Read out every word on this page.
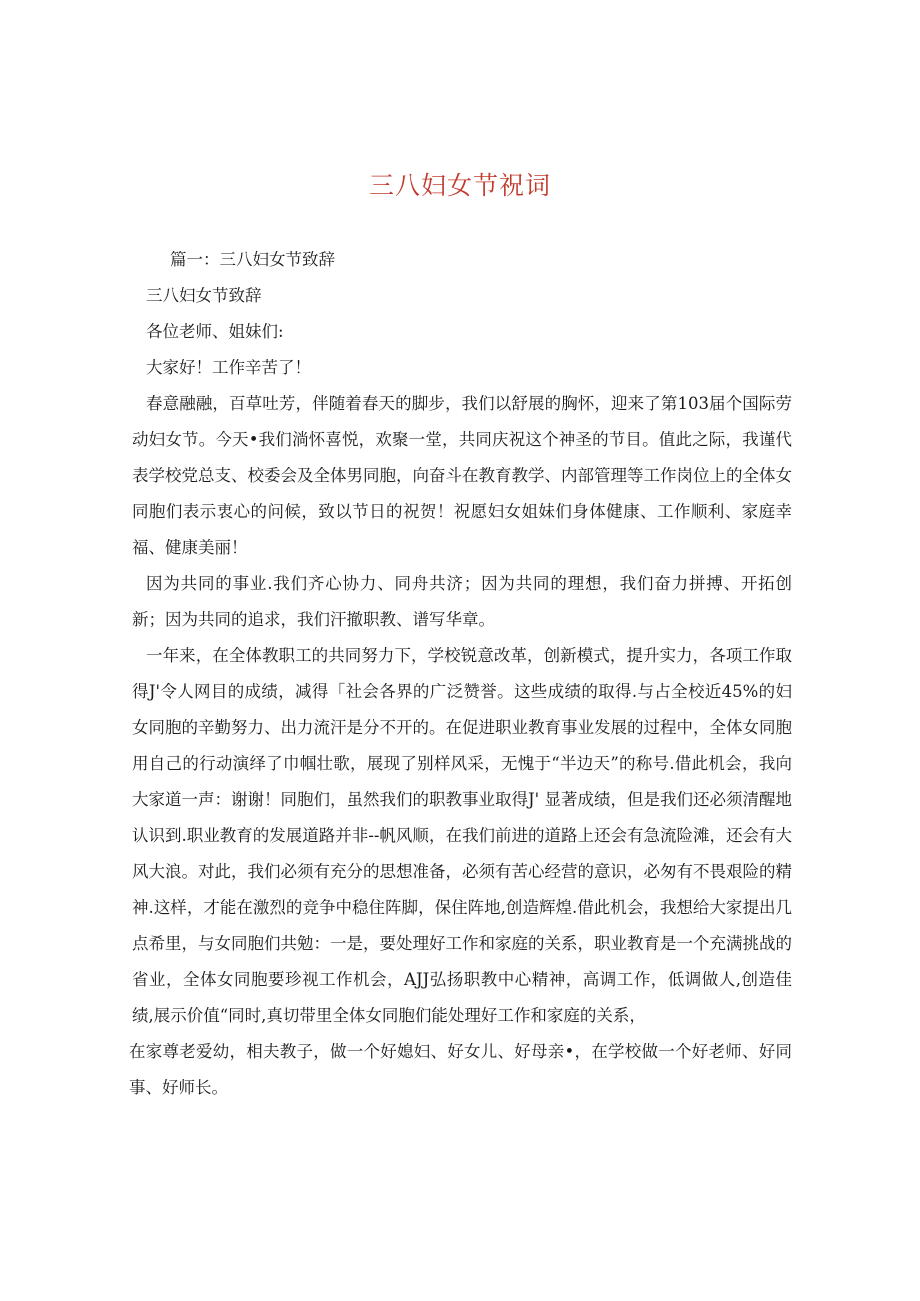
三八妇女节祝词

篇一：三八妇女节致辞

三八妇女节致辞

各位老师、姐妹们:

大家好！工作辛苦了！

春意融融，百草吐芳，伴随着春天的脚步，我们以舒展的胸怀，迎来了第103届个国际劳动妇女节。今天•我们淌怀喜悦，欢聚一堂，共同庆祝这个神圣的节目。值此之际，我谨代表学校党总支、校委会及全体男同胞，向奋斗在教育教学、内部管理等工作岗位上的全体女同胞们表示衷心的问候，致以节日的祝贺！祝愿妇女姐妹们身体健康、工作顺利、家庭幸福、健康美丽！

因为共同的事业.我们齐心协力、同舟共济；因为共同的理想，我们奋力拼搏、开拓创新；因为共同的追求，我们汗撤职教、谱写华章。

一年来，在全体教职工的共同努力下，学校锐意改革，创新模式，提升实力，各项工作取得J'令人网目的成绩，减得「社会各界的广泛赞誉。这些成绩的取得.与占全校近45%的妇女同胞的辛勤努力、出力流汗是分不开的。在促进职业教育事业发展的过程中，全体女同胞用自己的行动演绎了巾帼壮歌，展现了别样风采，无愧于“半边天”的称号.借此机会，我向大家道一声：谢谢！同胞们，虽然我们的职教事业取得J' 显著成绩，但是我们还必须清醒地认识到.职业教育的发展道路并非--帆风顺，在我们前进的道路上还会有急流险滩，还会有大风大浪。对此，我们必须有充分的思想准备，必须有苦心经营的意识，必匆有不畏艰险的精神.这样，才能在激烈的竞争中稳住阵脚，保住阵地,创造辉煌.借此机会，我想给大家提出几点希里，与女同胞们共勉：一是，要处理好工作和家庭的关系，职业教育是一个充满挑战的省业，全体女同胞要珍视工作机会，AJJ弘扬职教中心精神，高调工作，低调做人,创造佳绩,展示价值“同时,真切带里全体女同胞们能处理好工作和家庭的关系，

在家尊老爱幼，相夫教子，做一个好媳妇、好女儿、好母亲•，在学校做一个好老师、好同事、好师长。
